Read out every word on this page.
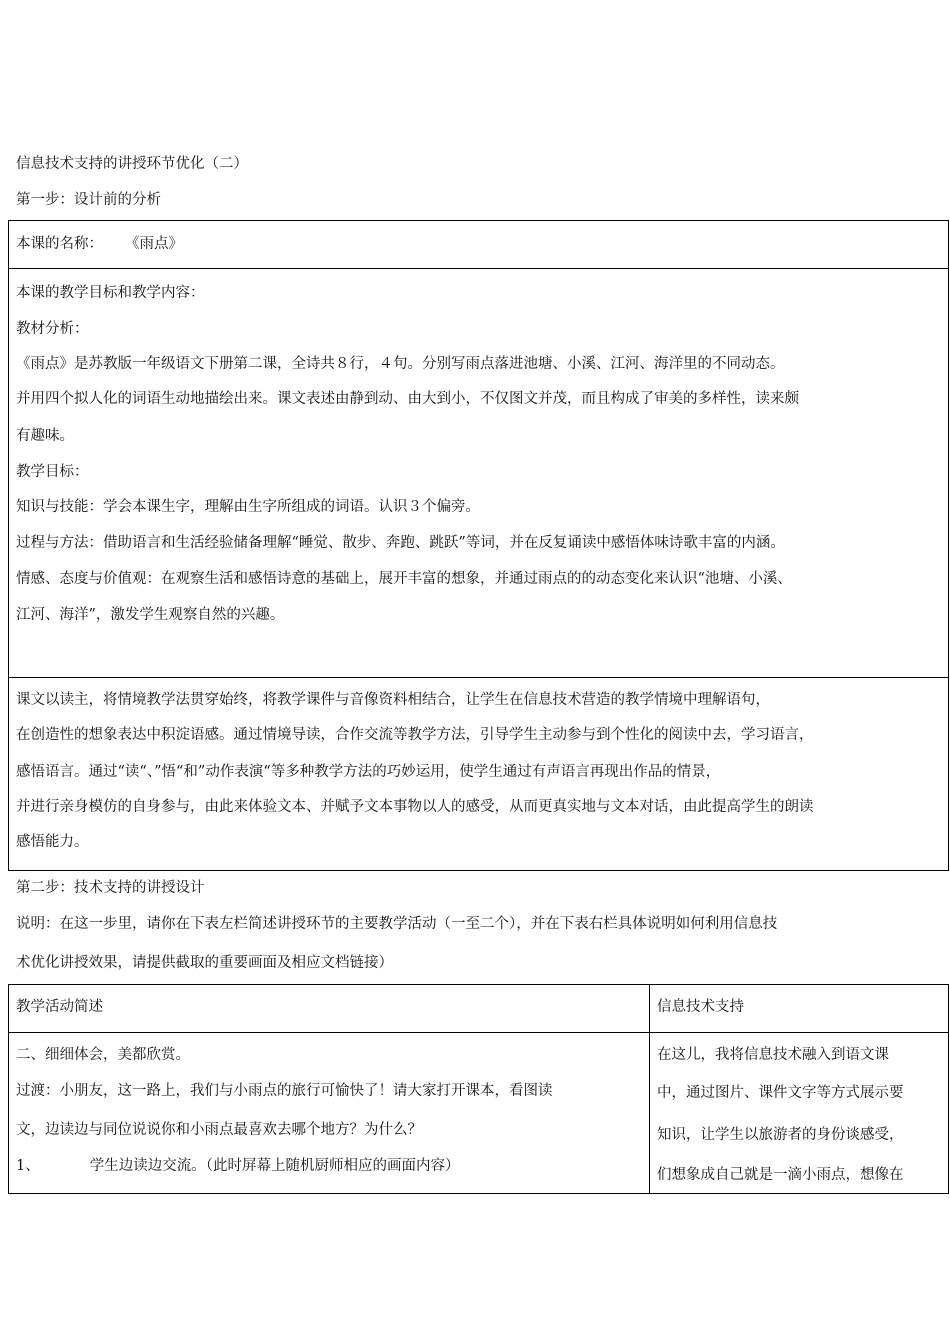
信息技术支持的讲授环节优化（二）
第一步：设计前的分析
本课的名称： 《雨点》
本课的教学目标和教学内容：
教材分析：
《雨点》是苏教版一年级语文下册第二课，全诗共８行，４句。分别写雨点落进池塘、小溪、江河、海洋里的不同动态。
并用四个拟人化的词语生动地描绘出来。课文表述由静到动、由大到小，不仅图文并茂，而且构成了审美的多样性，读来颇
有趣味。
教学目标：
知识与技能：学会本课生字，理解由生字所组成的词语。认识３个偏旁。
过程与方法：借助语言和生活经验储备理解“睡觉、散步、奔跑、跳跃”等词，并在反复诵读中感悟体味诗歌丰富的内涵。
情感、态度与价值观：在观察生活和感悟诗意的基础上，展开丰富的想象，并通过雨点的的动态变化来认识“池塘、小溪、
江河、海洋”，激发学生观察自然的兴趣。
课文以读主，将情境教学法贯穿始终，将教学课件与音像资料相结合，让学生在信息技术营造的教学情境中理解语句，
在创造性的想象表达中积淀语感。通过情境导读，合作交流等教学方法，引导学生主动参与到个性化的阅读中去，学习语言，
感悟语言。通过“读“、”悟“和”动作表演“等多种教学方法的巧妙运用，使学生通过有声语言再现出作品的情景，
并进行亲身模仿的自身参与，由此来体验文本、并赋予文本事物以人的感受，从而更真实地与文本对话，由此提高学生的朗读
感悟能力。
第二步：技术支持的讲授设计
说明：在这一步里，请你在下表左栏简述讲授环节的主要教学活动（一至二个），并在下表右栏具体说明如何利用信息技
术优化讲授效果，请提供截取的重要画面及相应文档链接）
教学活动简述	信息技术支持
二、细细体会，美都欣赏。
过渡：小朋友，这一路上，我们与小雨点的旅行可愉快了！请大家打开课本，看图读
文，边读边与同位说说你和小雨点最喜欢去哪个地方？为什么？
1、	学生边读边交流。（此时屏幕上随机厨师相应的画面内容）
在这儿，我将信息技术融入到语文课
中，通过图片、课件文字等方式展示要
知识，让学生以旅游者的身份谈感受，
们想象成自己就是一滴小雨点，想像在
